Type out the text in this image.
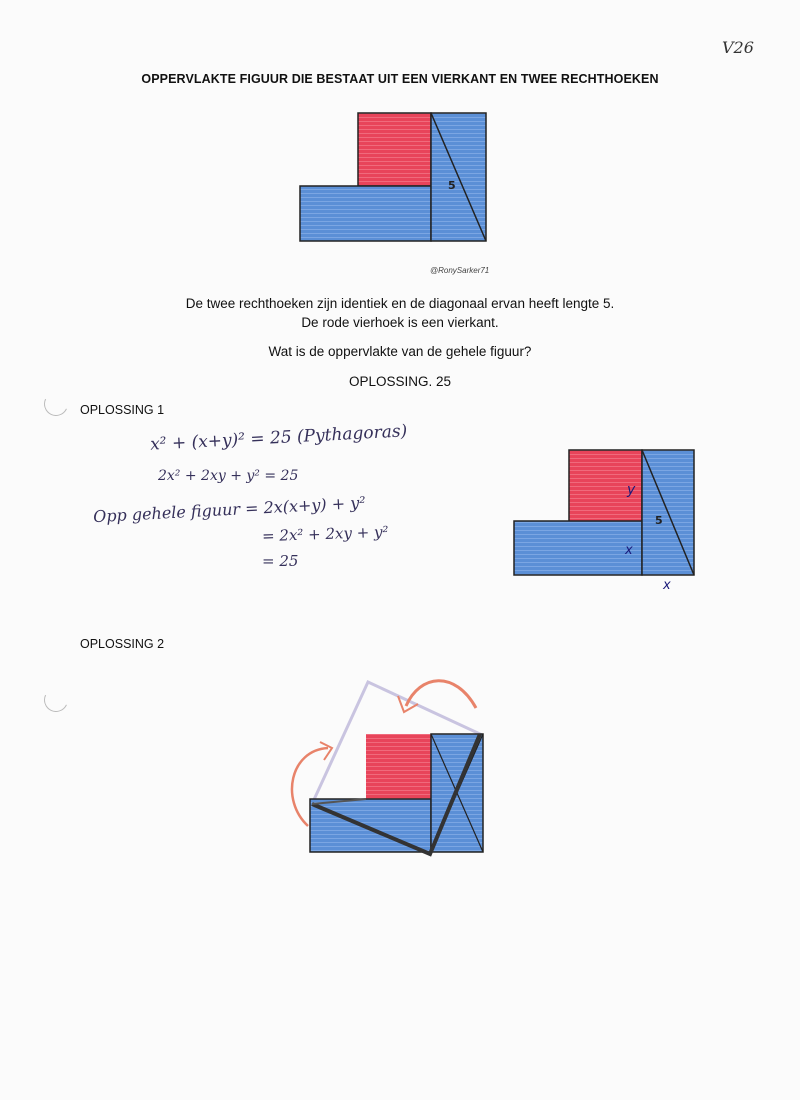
V26
OPPERVLAKTE FIGUUR DIE BESTAAT UIT EEN VIERKANT EN TWEE RECHTHOEKEN
5
@RonySarker71
De twee rechthoeken zijn identiek en de diagonaal ervan heeft lengte 5.
De rode vierhoek is een vierkant.
Wat is de oppervlakte van de gehele figuur?
OPLOSSING. 25
OPLOSSING 1
x² + (x+y)² = 25 (Pythagoras)
2x² + 2xy + y² = 25
Opp gehele figuur = 2x(x+y) + y²
= 2x² + 2xy + y²
= 25
y
x
5
x
OPLOSSING 2
